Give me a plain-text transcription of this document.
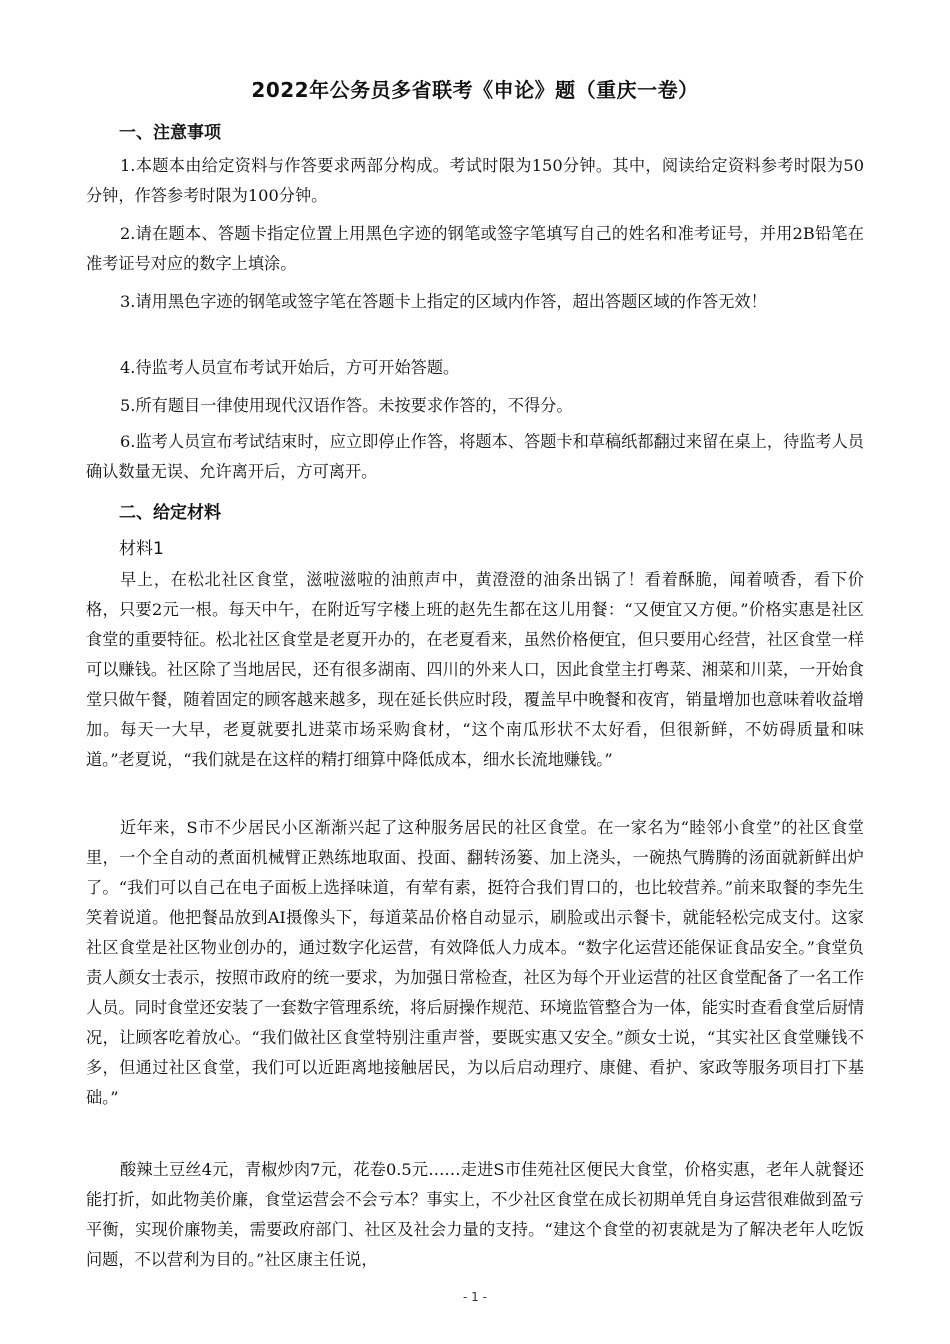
2022年公务员多省联考《申论》题（重庆一卷）
一、注意事项

1.本题本由给定资料与作答要求两部分构成。考试时限为150分钟。其中，阅读给定资料参考时限为50分钟，作答参考时限为100分钟。

2.请在题本、答题卡指定位置上用黑色字迹的钢笔或签字笔填写自己的姓名和准考证号，并用2B铅笔在准考证号对应的数字上填涂。

3.请用黑色字迹的钢笔或签字笔在答题卡上指定的区域内作答，超出答题区域的作答无效！

4.待监考人员宣布考试开始后，方可开始答题。

5.所有题目一律使用现代汉语作答。未按要求作答的，不得分。

6.监考人员宣布考试结束时，应立即停止作答，将题本、答题卡和草稿纸都翻过来留在桌上，待监考人员确认数量无误、允许离开后，方可离开。

二、给定材料
材料1

早上，在松北社区食堂，滋啦滋啦的油煎声中，黄澄澄的油条出锅了！看着酥脆，闻着喷香，看下价格，只要2元一根。每天中午，在附近写字楼上班的赵先生都在这儿用餐：“又便宜又方便。”价格实惠是社区食堂的重要特征。松北社区食堂是老夏开办的，在老夏看来，虽然价格便宜，但只要用心经营，社区食堂一样可以赚钱。社区除了当地居民，还有很多湖南、四川的外来人口，因此食堂主打粤菜、湘菜和川菜，一开始食堂只做午餐，随着固定的顾客越来越多，现在延长供应时段，覆盖早中晚餐和夜宵，销量增加也意味着收益增加。每天一大早，老夏就要扎进菜市场采购食材，“这个南瓜形状不太好看，但很新鲜，不妨碍质量和味道。”老夏说，“我们就是在这样的精打细算中降低成本，细水长流地赚钱。”

近年来，S市不少居民小区渐渐兴起了这种服务居民的社区食堂。在一家名为“睦邻小食堂”的社区食堂里，一个全自动的煮面机械臂正熟练地取面、投面、翻转汤篓、加上浇头，一碗热气腾腾的汤面就新鲜出炉了。“我们可以自己在电子面板上选择味道，有荤有素，挺符合我们胃口的，也比较营养。”前来取餐的李先生笑着说道。他把餐品放到AI摄像头下，每道菜品价格自动显示，刷脸或出示餐卡，就能轻松完成支付。这家社区食堂是社区物业创办的，通过数字化运营，有效降低人力成本。“数字化运营还能保证食品安全。”食堂负责人颜女士表示，按照市政府的统一要求，为加强日常检查，社区为每个开业运营的社区食堂配备了一名工作人员。同时食堂还安装了一套数字管理系统，将后厨操作规范、环境监管整合为一体，能实时查看食堂后厨情况，让顾客吃着放心。“我们做社区食堂特别注重声誉，要既实惠又安全。”颜女士说，“其实社区食堂赚钱不多，但通过社区食堂，我们可以近距离地接触居民，为以后启动理疗、康健、看护、家政等服务项目打下基础。”

酸辣土豆丝4元，青椒炒肉7元，花卷0.5元……走进S市佳苑社区便民大食堂，价格实惠，老年人就餐还能打折，如此物美价廉，食堂运营会不会亏本？事实上，不少社区食堂在成长初期单凭自身运营很难做到盈亏平衡，实现价廉物美，需要政府部门、社区及社会力量的支持。“建这个食堂的初衷就是为了解决老年人吃饭问题，不以营利为目的。”社区康主任说，

- 1 -
